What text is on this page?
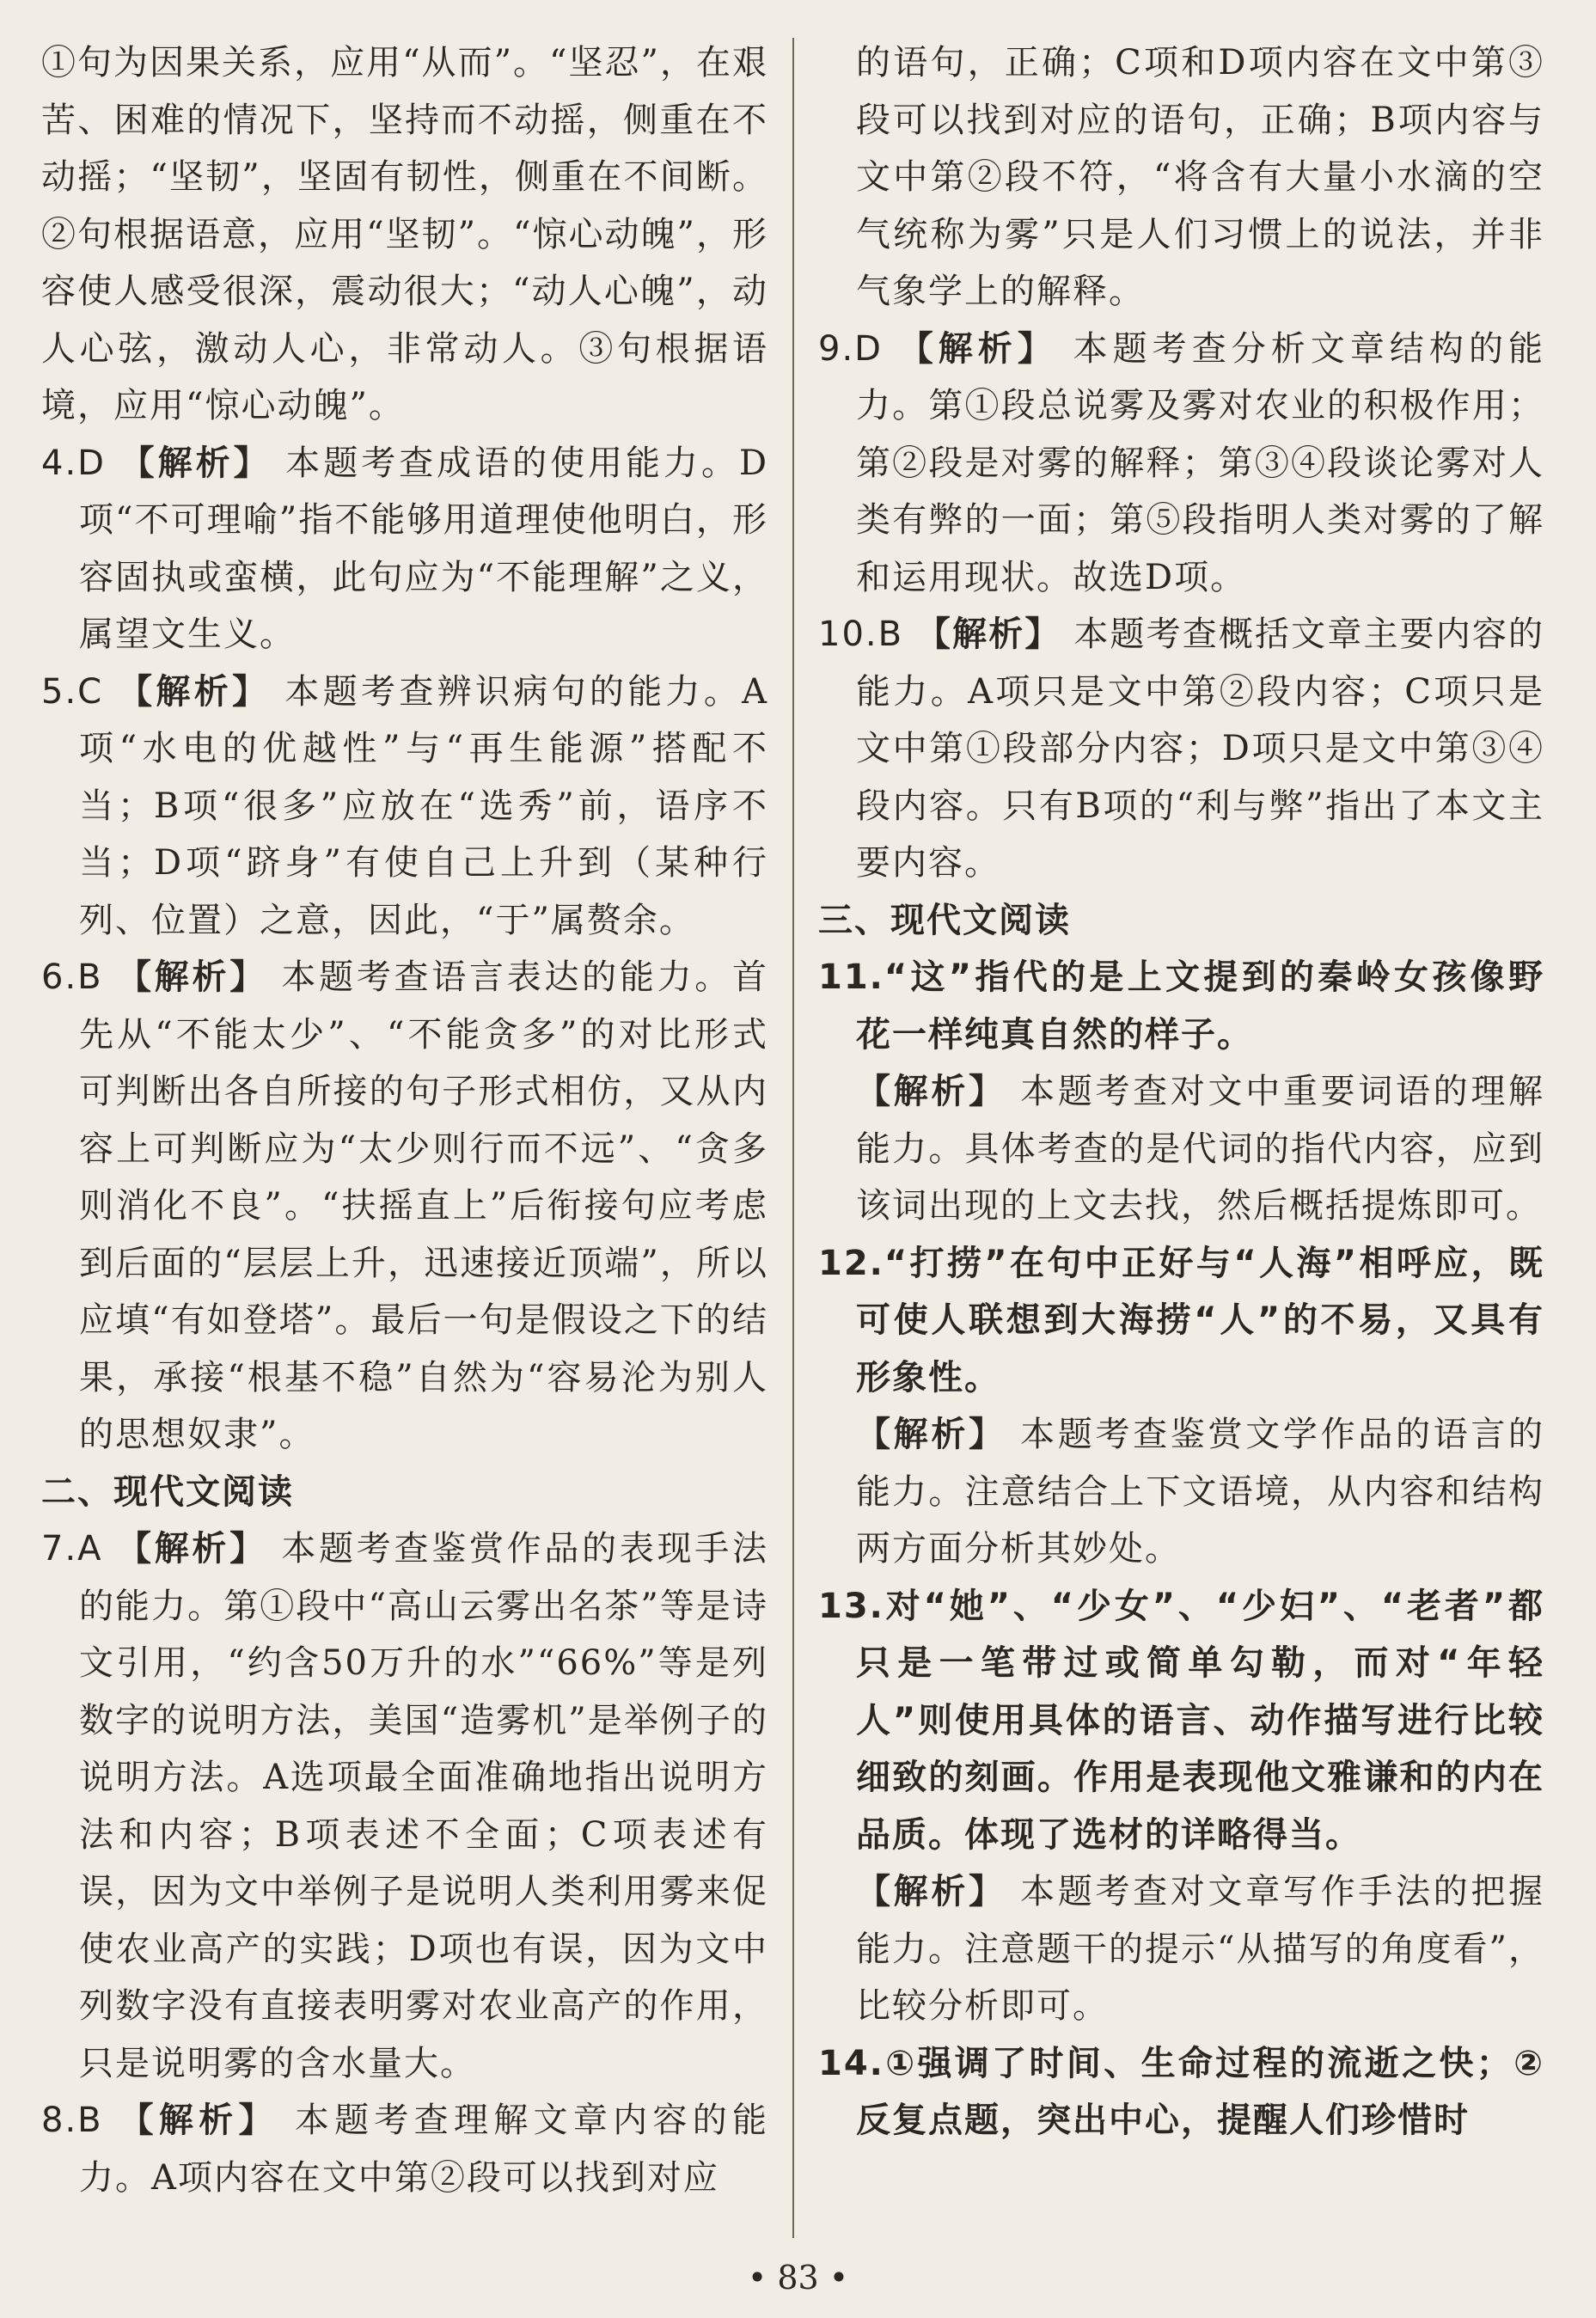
①句为因果关系，应用“从而”。“坚忍”，在艰苦、困难的情况下，坚持而不动摇，侧重在不动摇；“坚韧”，坚固有韧性，侧重在不间断。②句根据语意，应用“坚韧”。“惊心动魄”，形容使人感受很深，震动很大；“动人心魄”，动人心弦，激动人心，非常动人。③句根据语境，应用“惊心动魄”。

4.D 【解析】 本题考查成语的使用能力。D项“不可理喻”指不能够用道理使他明白，形容固执或蛮横，此句应为“不能理解”之义，属望文生义。

5.C 【解析】 本题考查辨识病句的能力。A项“水电的优越性”与“再生能源”搭配不当；B项“很多”应放在“选秀”前，语序不当；D项“跻身”有使自己上升到（某种行列、位置）之意，因此，“于”属赘余。

6.B 【解析】 本题考查语言表达的能力。首先从“不能太少”、“不能贪多”的对比形式可判断出各自所接的句子形式相仿，又从内容上可判断应为“太少则行而不远”、“贪多则消化不良”。“扶摇直上”后衔接句应考虑到后面的“层层上升，迅速接近顶端”，所以应填“有如登塔”。最后一句是假设之下的结果，承接“根基不稳”自然为“容易沦为别人的思想奴隶”。

二、现代文阅读

7.A 【解析】 本题考查鉴赏作品的表现手法的能力。第①段中“高山云雾出名茶”等是诗文引用，“约含50万升的水”“66%”等是列数字的说明方法，美国“造雾机”是举例子的说明方法。A选项最全面准确地指出说明方法和内容；B项表述不全面；C项表述有误，因为文中举例子是说明人类利用雾来促使农业高产的实践；D项也有误，因为文中列数字没有直接表明雾对农业高产的作用，只是说明雾的含水量大。

8.B 【解析】 本题考查理解文章内容的能力。A项内容在文中第②段可以找到对应

的语句，正确；C项和D项内容在文中第③段可以找到对应的语句，正确；B项内容与文中第②段不符，“将含有大量小水滴的空气统称为雾”只是人们习惯上的说法，并非气象学上的解释。

9.D 【解析】 本题考查分析文章结构的能力。第①段总说雾及雾对农业的积极作用；第②段是对雾的解释；第③④段谈论雾对人类有弊的一面；第⑤段指明人类对雾的了解和运用现状。故选D项。

10.B 【解析】 本题考查概括文章主要内容的能力。A项只是文中第②段内容；C项只是文中第①段部分内容；D项只是文中第③④段内容。只有B项的“利与弊”指出了本文主要内容。

三、现代文阅读

11.“这”指代的是上文提到的秦岭女孩像野花一样纯真自然的样子。

【解析】 本题考查对文中重要词语的理解能力。具体考查的是代词的指代内容，应到该词出现的上文去找，然后概括提炼即可。

12.“打捞”在句中正好与“人海”相呼应，既可使人联想到大海捞“人”的不易，又具有形象性。

【解析】 本题考查鉴赏文学作品的语言的能力。注意结合上下文语境，从内容和结构两方面分析其妙处。

13.对“她”、“少女”、“少妇”、“老者”都只是一笔带过或简单勾勒，而对“年轻人”则使用具体的语言、动作描写进行比较细致的刻画。作用是表现他文雅谦和的内在品质。体现了选材的详略得当。

【解析】 本题考查对文章写作手法的把握能力。注意题干的提示“从描写的角度看”，比较分析即可。

14.①强调了时间、生命过程的流逝之快；②反复点题，突出中心，提醒人们珍惜时

• 83 •
